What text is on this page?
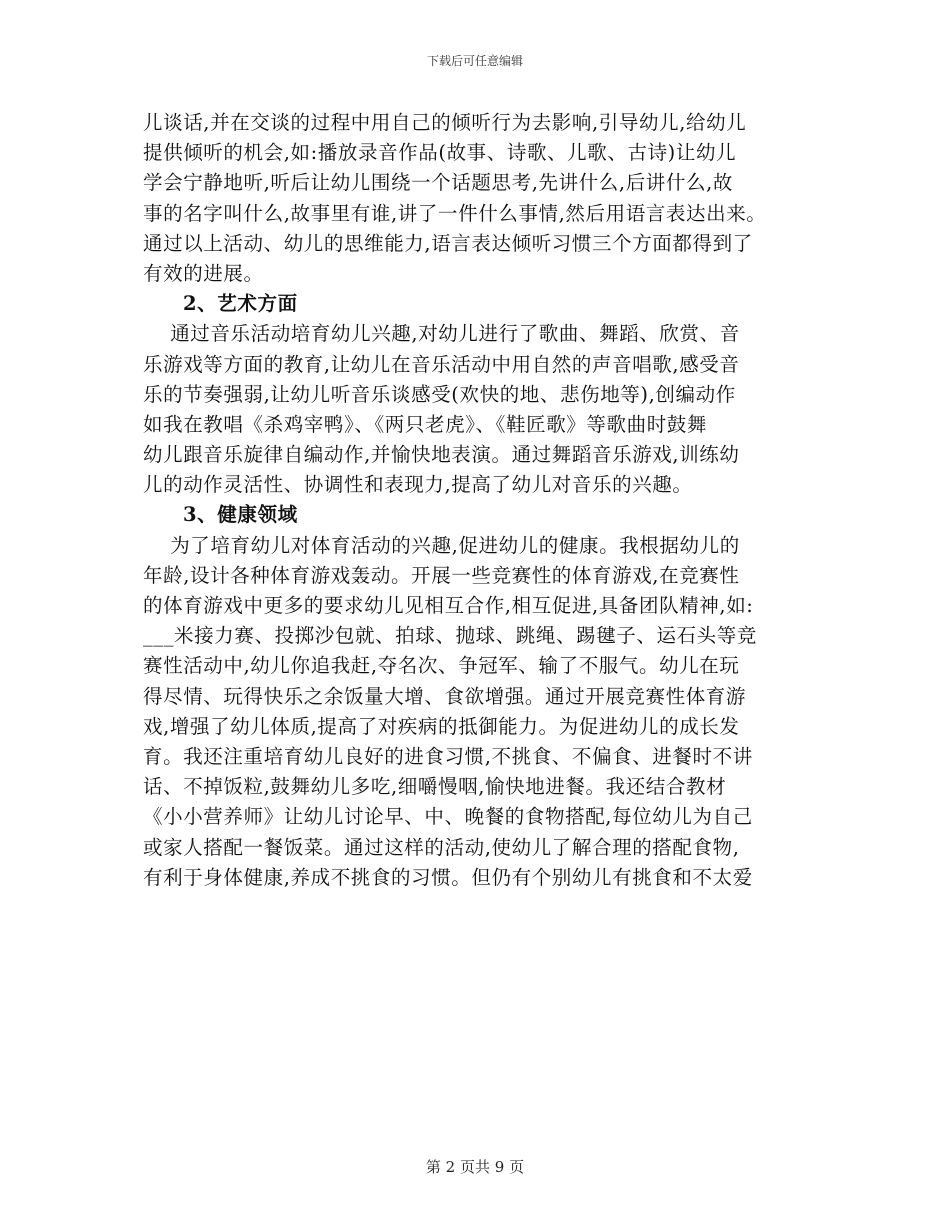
下载后可任意编辑
儿谈话,并在交谈的过程中用自己的倾听行为去影响,引导幼儿,给幼儿
提供倾听的机会,如:播放录音作品(故事、诗歌、儿歌、古诗)让幼儿
学会宁静地听,听后让幼儿围绕一个话题思考,先讲什么,后讲什么,故
事的名字叫什么,故事里有谁,讲了一件什么事情,然后用语言表达出来。
通过以上活动、幼儿的思维能力,语言表达倾听习惯三个方面都得到了
有效的进展。
2、艺术方面
通过音乐活动培育幼儿兴趣,对幼儿进行了歌曲、舞蹈、欣赏、音
乐游戏等方面的教育,让幼儿在音乐活动中用自然的声音唱歌,感受音
乐的节奏强弱,让幼儿听音乐谈感受(欢快的地、悲伤地等),创编动作
如我在教唱《杀鸡宰鸭》、《两只老虎》、《鞋匠歌》等歌曲时鼓舞
幼儿跟音乐旋律自编动作,并愉快地表演。通过舞蹈音乐游戏,训练幼
儿的动作灵活性、协调性和表现力,提高了幼儿对音乐的兴趣。
3、健康领域
为了培育幼儿对体育活动的兴趣,促进幼儿的健康。我根据幼儿的
年龄,设计各种体育游戏轰动。开展一些竞赛性的体育游戏,在竞赛性
的体育游戏中更多的要求幼儿见相互合作,相互促进,具备团队精神,如:
___米接力赛、投掷沙包就、拍球、抛球、跳绳、踢毽子、运石头等竞
赛性活动中,幼儿你追我赶,夺名次、争冠军、输了不服气。幼儿在玩
得尽情、玩得快乐之余饭量大增、食欲增强。通过开展竞赛性体育游
戏,增强了幼儿体质,提高了对疾病的抵御能力。为促进幼儿的成长发
育。我还注重培育幼儿良好的进食习惯,不挑食、不偏食、进餐时不讲
话、不掉饭粒,鼓舞幼儿多吃,细嚼慢咽,愉快地进餐。我还结合教材
《小小营养师》让幼儿讨论早、中、晚餐的食物搭配,每位幼儿为自己
或家人搭配一餐饭菜。通过这样的活动,使幼儿了解合理的搭配食物,
有利于身体健康,养成不挑食的习惯。但仍有个别幼儿有挑食和不太爱
第 2 页共 9 页
